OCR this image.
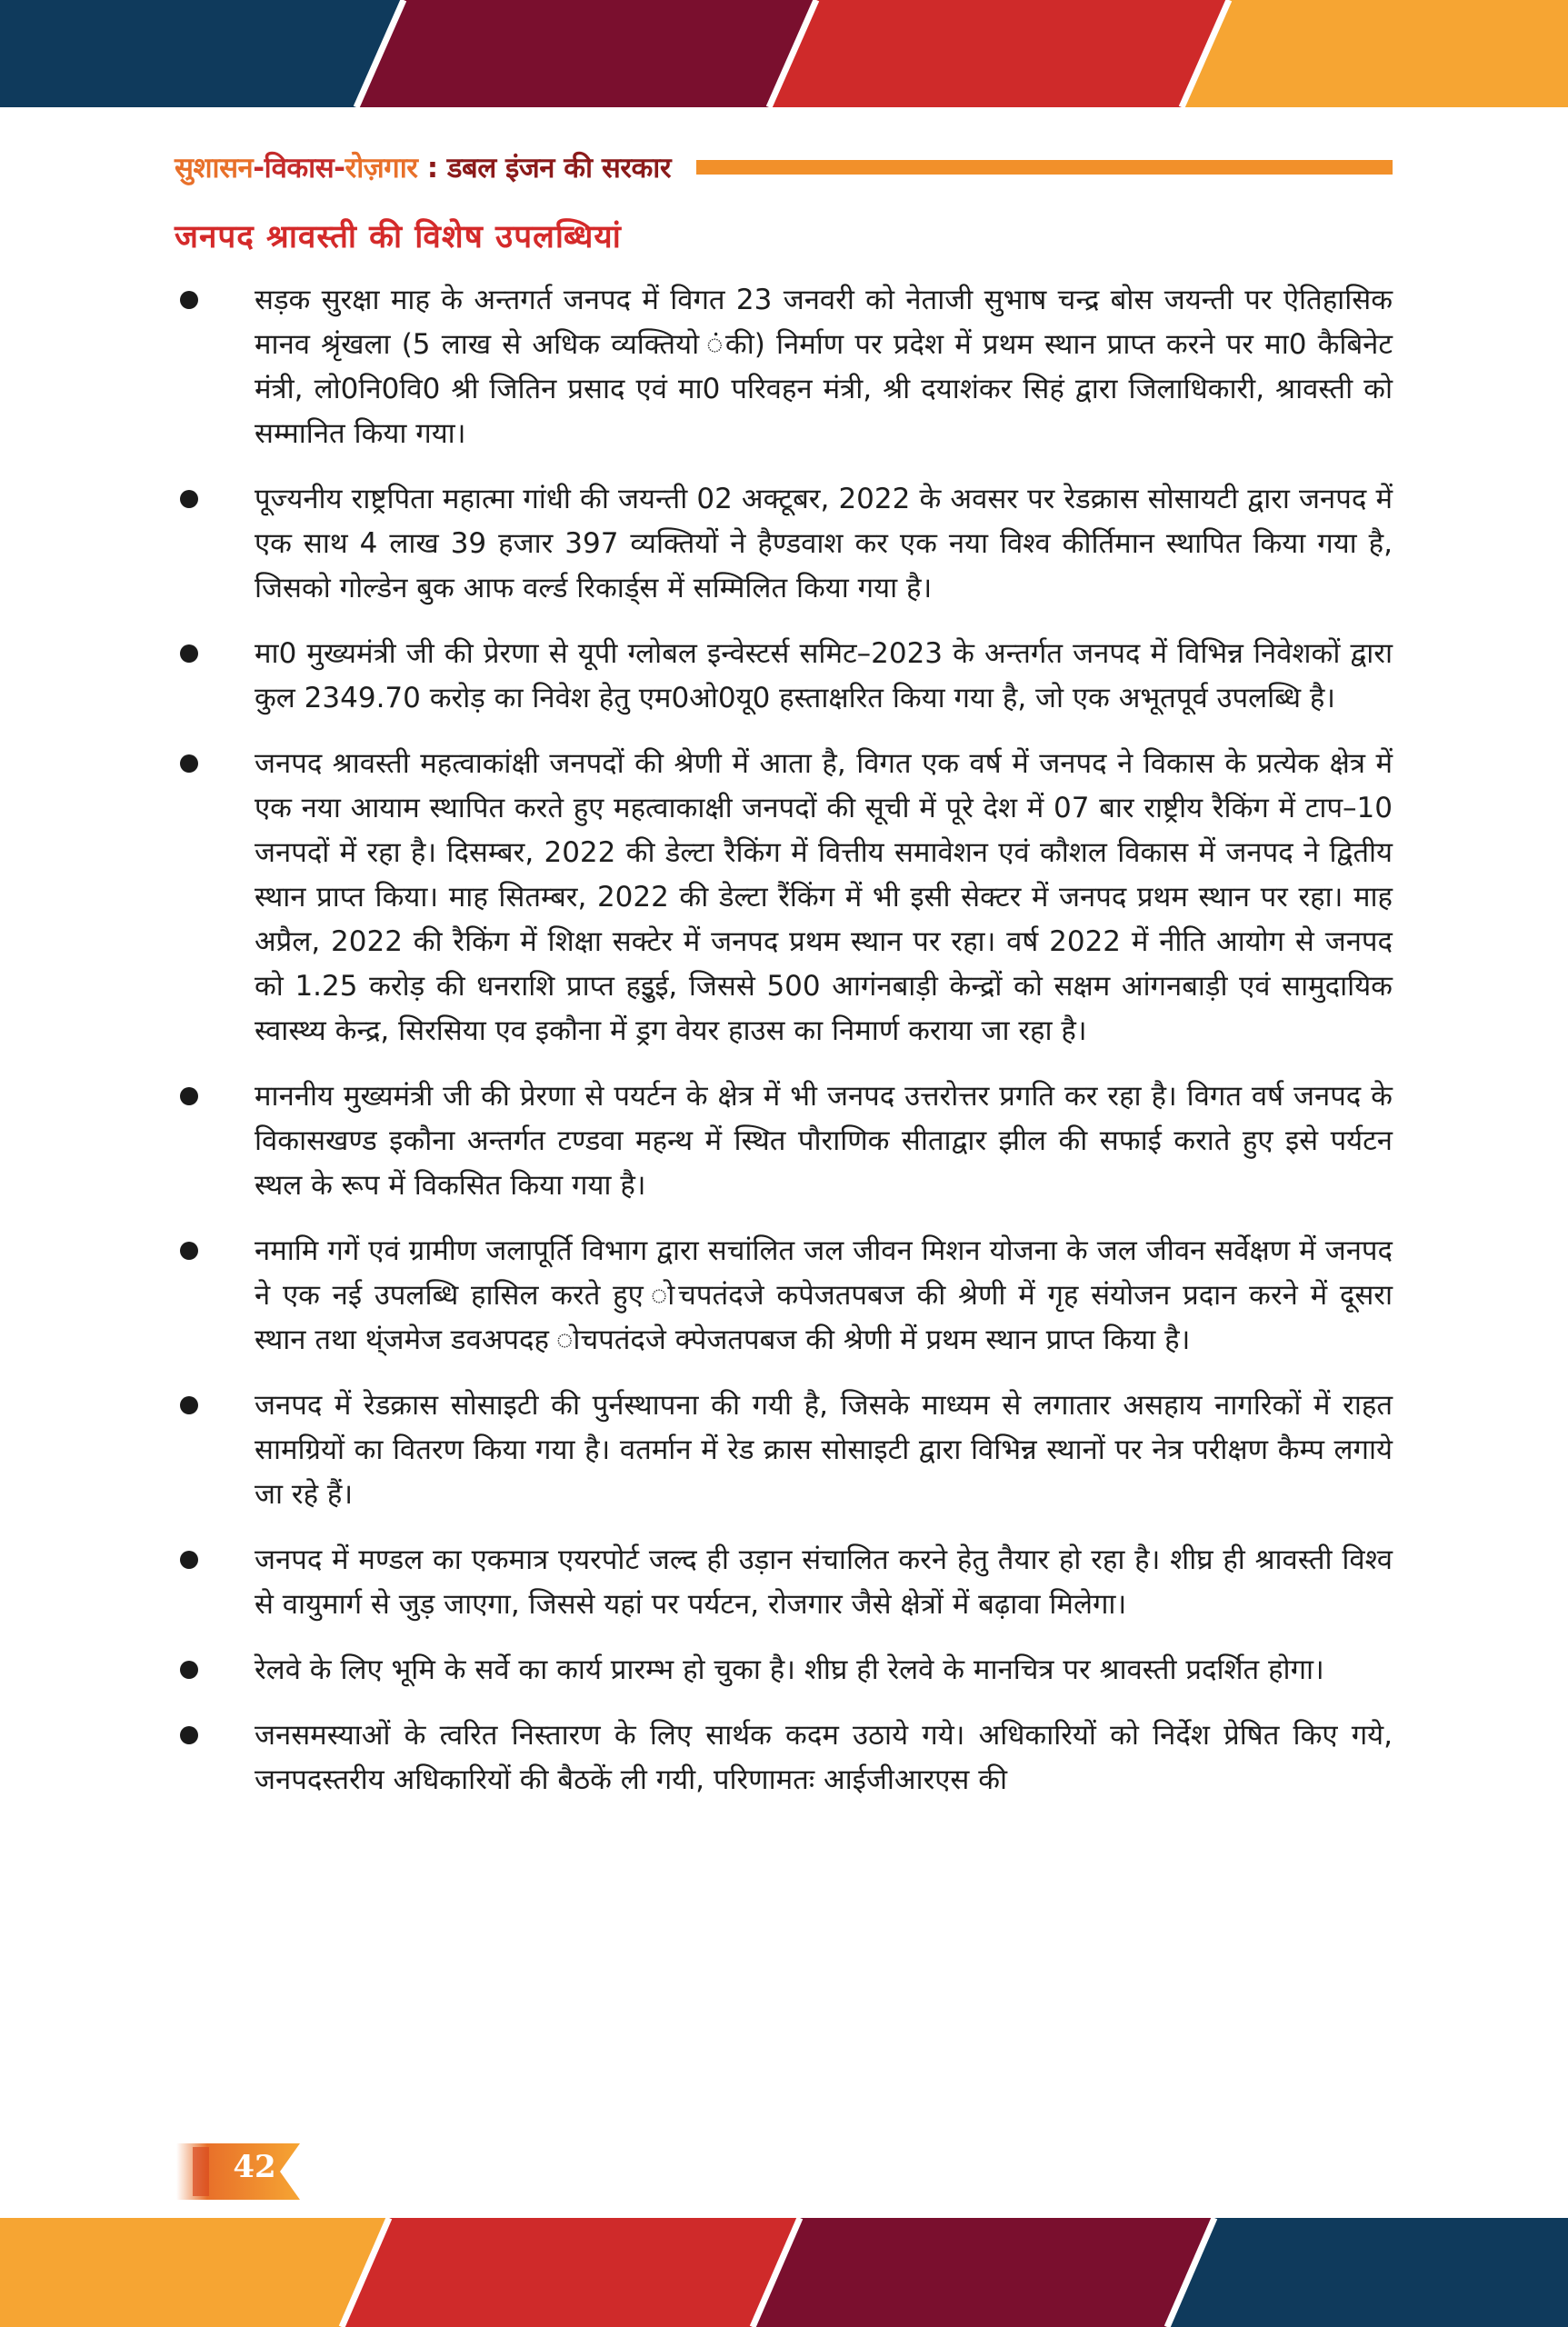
सुशासन-विकास-रोज़गार : डबल इंजन की सरकार
जनपद श्रावस्ती की विशेष उपलब्धियां

सड़क सुरक्षा माह के अन्तगर्त जनपद में विगत 23 जनवरी को नेताजी सुभाष चन्द्र बोस जयन्ती पर ऐतिहासिक मानव श्रृंखला (5 लाख से अधिक व्यक्तियो ंकी) निर्माण पर प्रदेश में प्रथम स्थान प्राप्त करने पर मा0 कैबिनेट मंत्री, लो0नि0वि0 श्री जितिन प्रसाद एवं मा0 परिवहन मंत्री, श्री दयाशंकर सिहं द्वारा जिलाधिकारी, श्रावस्ती को सम्मानित किया गया।

पूज्यनीय राष्ट्रपिता महात्मा गांधी की जयन्ती 02 अक्टूबर, 2022 के अवसर पर रेडक्रास सोसायटी द्वारा जनपद में एक साथ 4 लाख 39 हजार 397 व्यक्तियों ने हैण्डवाश कर एक नया विश्व कीर्तिमान स्थापित किया गया है, जिसको गोल्डेन बुक आफ वर्ल्ड रिकार्ड्स में सम्मिलित किया गया है।

मा0 मुख्यमंत्री जी की प्रेरणा से यूपी ग्लोबल इन्वेस्टर्स समिट–2023 के अन्तर्गत जनपद में विभिन्न निवेशकों द्वारा कुल 2349.70 करोड़ का निवेश हेतु एम0ओ0यू0 हस्ताक्षरित किया गया है, जो एक अभूतपूर्व उपलब्धि है।

जनपद श्रावस्ती महत्वाकांक्षी जनपदों की श्रेणी में आता है, विगत एक वर्ष में जनपद ने विकास के प्रत्येक क्षेत्र में एक नया आयाम स्थापित करते हुए महत्वाकाक्षी जनपदों की सूची में पूरे देश में 07 बार राष्ट्रीय रैकिंग में टाप–10 जनपदों में रहा है। दिसम्बर, 2022 की डेल्टा रैकिंग में वित्तीय समावेशन एवं कौशल विकास में जनपद ने द्वितीय स्थान प्राप्त किया। माह सितम्बर, 2022 की डेल्टा रैंकिंग में भी इसी सेक्टर में जनपद प्रथम स्थान पर रहा। माह अप्रैल, 2022 की रैकिंग में शिक्षा सक्टेर में जनपद प्रथम स्थान पर रहा। वर्ष 2022 में नीति आयोग से जनपद को 1.25 करोड़ की धनराशि प्राप्त हइुई, जिससे 500 आगंनबाड़ी केन्द्रों को सक्षम आंगनबाड़ी एवं सामुदायिक स्वास्थ्य केन्द्र, सिरसिया एव इकौना में ड्रग वेयर हाउस का निमार्ण कराया जा रहा है।

माननीय मुख्यमंत्री जी की प्रेरणा से पयर्टन के क्षेत्र में भी जनपद उत्तरोत्तर प्रगति कर रहा है। विगत वर्ष जनपद के विकासखण्ड इकौना अन्तर्गत टण्डवा महन्थ में स्थित पौराणिक सीताद्वार झील की सफाई कराते हुए इसे पर्यटन स्थल के रूप में विकसित किया गया है।

नमामि गगें एवं ग्रामीण जलापूर्ति विभाग द्वारा सचांलित जल जीवन मिशन योजना के जल जीवन सर्वेक्षण में जनपद ने एक नई उपलब्धि हासिल करते हुए ोचपतंदजे कपेजतपबज की श्रेणी में गृह संयोजन प्रदान करने में दूसरा स्थान तथा थ्ंजमेज डवअपदह ोचपतंदजे क्पेजतपबज की श्रेणी में प्रथम स्थान प्राप्त किया है।

जनपद में रेडक्रास सोसाइटी की पुर्नस्थापना की गयी है, जिसके माध्यम से लगातार असहाय नागरिकों में राहत सामग्रियों का वितरण किया गया है। वतर्मान में रेड क्रास सोसाइटी द्वारा विभिन्न स्थानों पर नेत्र परीक्षण कैम्प लगाये जा रहे हैं।

जनपद में मण्डल का एकमात्र एयरपोर्ट जल्द ही उड़ान संचालित करने हेतु तैयार हो रहा है। शीघ्र ही श्रावस्ती विश्व से वायुमार्ग से जुड़ जाएगा, जिससे यहां पर पर्यटन, रोजगार जैसे क्षेत्रों में बढ़ावा मिलेगा।

रेलवे के लिए भूमि के सर्वे का कार्य प्रारम्भ हो चुका है। शीघ्र ही रेलवे के मानचित्र पर श्रावस्ती प्रदर्शित होगा।

जनसमस्याओं के त्वरित निस्तारण के लिए सार्थक कदम उठाये गये। अधिकारियों को निर्देश प्रेषित किए गये, जनपदस्तरीय अधिकारियों की बैठकें ली गयी, परिणामतः आईजीआरएस की

42
